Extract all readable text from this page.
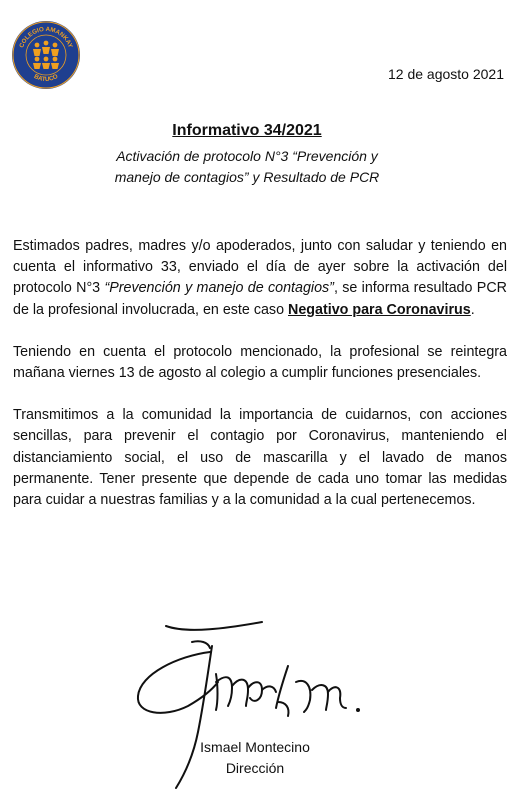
COLEGIO AMANKAY
BATUCO	12 de agosto 2021
Informativo 34/2021
Activación de protocolo N°3 “Prevención y
manejo de contagios” y Resultado de PCR

Estimados padres, madres y/o apoderados, junto con saludar y teniendo en cuenta el informativo 33, enviado el día de ayer sobre la activación del protocolo N°3 “Prevención y manejo de contagios”, se informa resultado PCR de la profesional involucrada, en este caso Negativo para Coronavirus.

Teniendo en cuenta el protocolo mencionado, la profesional se reintegra mañana viernes 13 de agosto al colegio a cumplir funciones presenciales.

Transmitimos a la comunidad la importancia de cuidarnos, con acciones sencillas, para prevenir el contagio por Coronavirus, manteniendo el distanciamiento social, el uso de mascarilla y el lavado de manos permanente. Tener presente que depende de cada uno tomar las medidas para cuidar a nuestras familias y a la comunidad a la cual pertenecemos.

Ismael Montecino
Dirección
